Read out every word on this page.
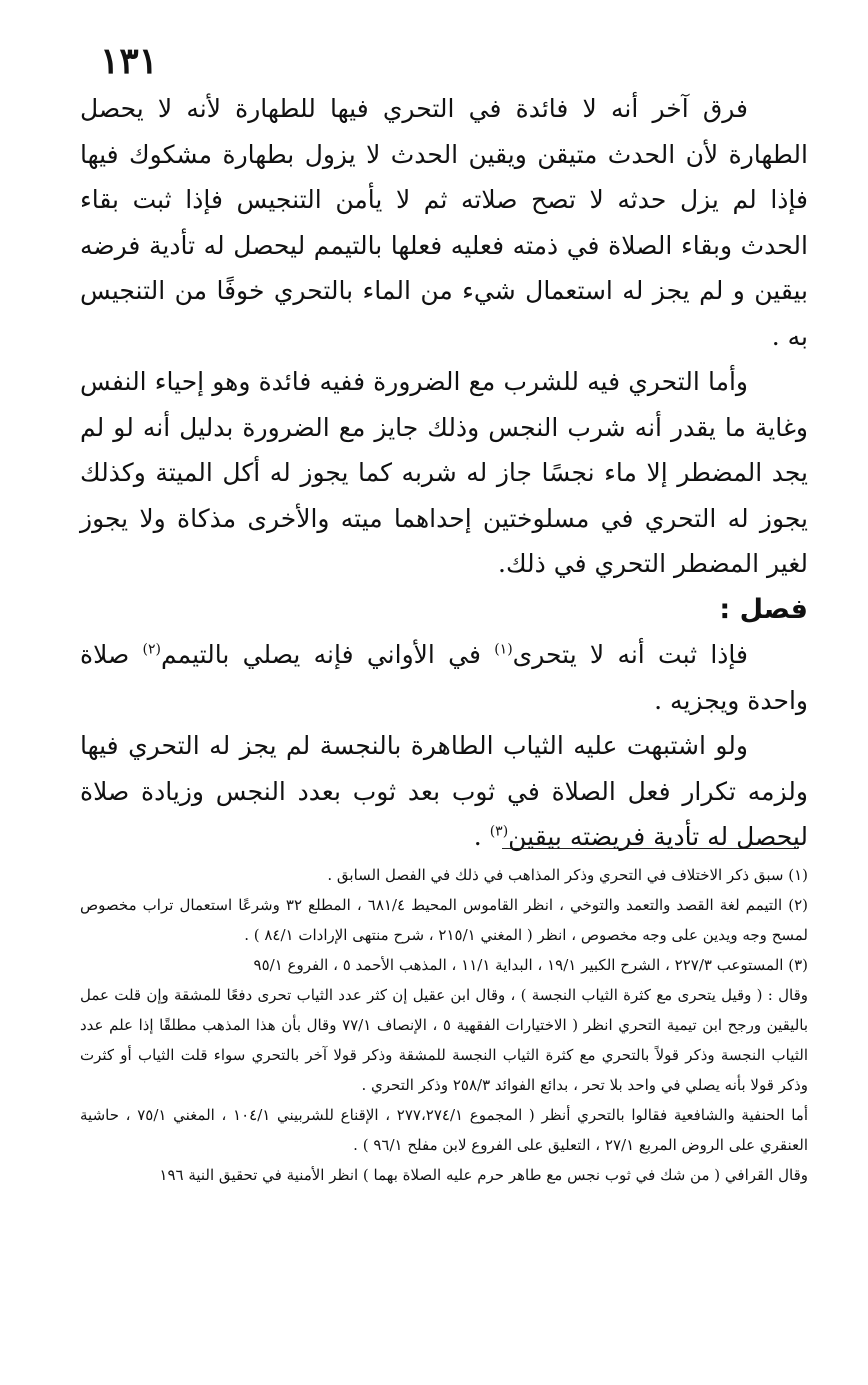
١٣١

فرق آخر أنه لا فائدة في التحري فيها للطهارة لأنه لا يحصل الطهارة لأن الحدث متيقن ويقين الحدث لا يزول بطهارة مشكوك فيها فإذا لم يزل حدثه لا تصح صلاته ثم لا يأمن التنجيس فإذا ثبت بقاء الحدث وبقاء الصلاة في ذمته فعليه فعلها بالتيمم ليحصل له تأدية فرضه بيقين و لم يجز له استعمال شيء من الماء بالتحري خوفًا من التنجيس به .

وأما التحري فيه للشرب مع الضرورة ففيه فائدة وهو إحياء النفس وغاية ما يقدر أنه شرب النجس وذلك جايز مع الضرورة بدليل أنه لو لم يجد المضطر إلا ماء نجسًا جاز له شربه كما يجوز له أكل الميتة وكذلك يجوز له التحري في مسلوختين إحداهما ميته والأخرى مذكاة ولا يجوز لغير المضطر التحري في ذلك.

فصل :

فإذا ثبت أنه لا يتحرى$^{(١)}$ في الأواني فإنه يصلي بالتيمم$^{(٢)}$ صلاة واحدة ويجزيه .

ولو اشتبهت عليه الثياب الطاهرة بالنجسة لم يجز له التحري فيها ولزمه تكرار فعل الصلاة في ثوب بعد ثوب بعدد النجس وزيادة صلاة ليحصل له تأدية فريضته بيقين$^{(٣)}$ .

(١) سبق ذكر الاختلاف في التحري وذكر المذاهب في ذلك في الفصل السابق .

(٢) التيمم لغة القصد والتعمد والتوخي ، انظر القاموس المحيط ٦٨١/٤ ، المطلع ٣٢ وشرعًا استعمال تراب مخصوص لمسح وجه ويدين على وجه مخصوص ، انظر ( المغني ٢١٥/١ ، شرح منتهى الإرادات ٨٤/١ ) .

(٣) المستوعب ٢٢٧/٣ ، الشرح الكبير ١٩/١ ، البداية ١١/١ ، المذهب الأحمد ٥ ، الفروع ٩٥/١

وقال : ( وقيل يتحرى مع كثرة الثياب النجسة ) ، وقال ابن عقيل إن كثر عدد الثياب تحرى دفعًا للمشقة وإن قلت عمل باليقين ورجح ابن تيمية التحري انظر ( الاختيارات الفقهية ٥ ، الإنصاف ٧٧/١ وقال بأن هذا المذهب مطلقًا إذا علم عدد الثياب النجسة وذكر قولاً بالتحري مع كثرة الثياب النجسة للمشقة وذكر قولا آخر بالتحري سواء قلت الثياب أو كثرت وذكر قولا بأنه يصلي في واحد بلا تحر ، بدائع الفوائد ٢٥٨/٣ وذكر التحري .

أما الحنفية والشافعية فقالوا بالتحري أنظر ( المجموع ٢٧٧،٢٧٤/١ ، الإقناع للشربيني ١٠٤/١ ، المغني ٧٥/١ ، حاشية العنقري على الروض المربع ٢٧/١ ، التعليق على الفروع لابن مفلح ٩٦/١ ) .

وقال القرافي ( من شك في ثوب نجس مع طاهر حرم عليه الصلاة بهما ) انظر الأمنية في تحقيق النية ١٩٦
